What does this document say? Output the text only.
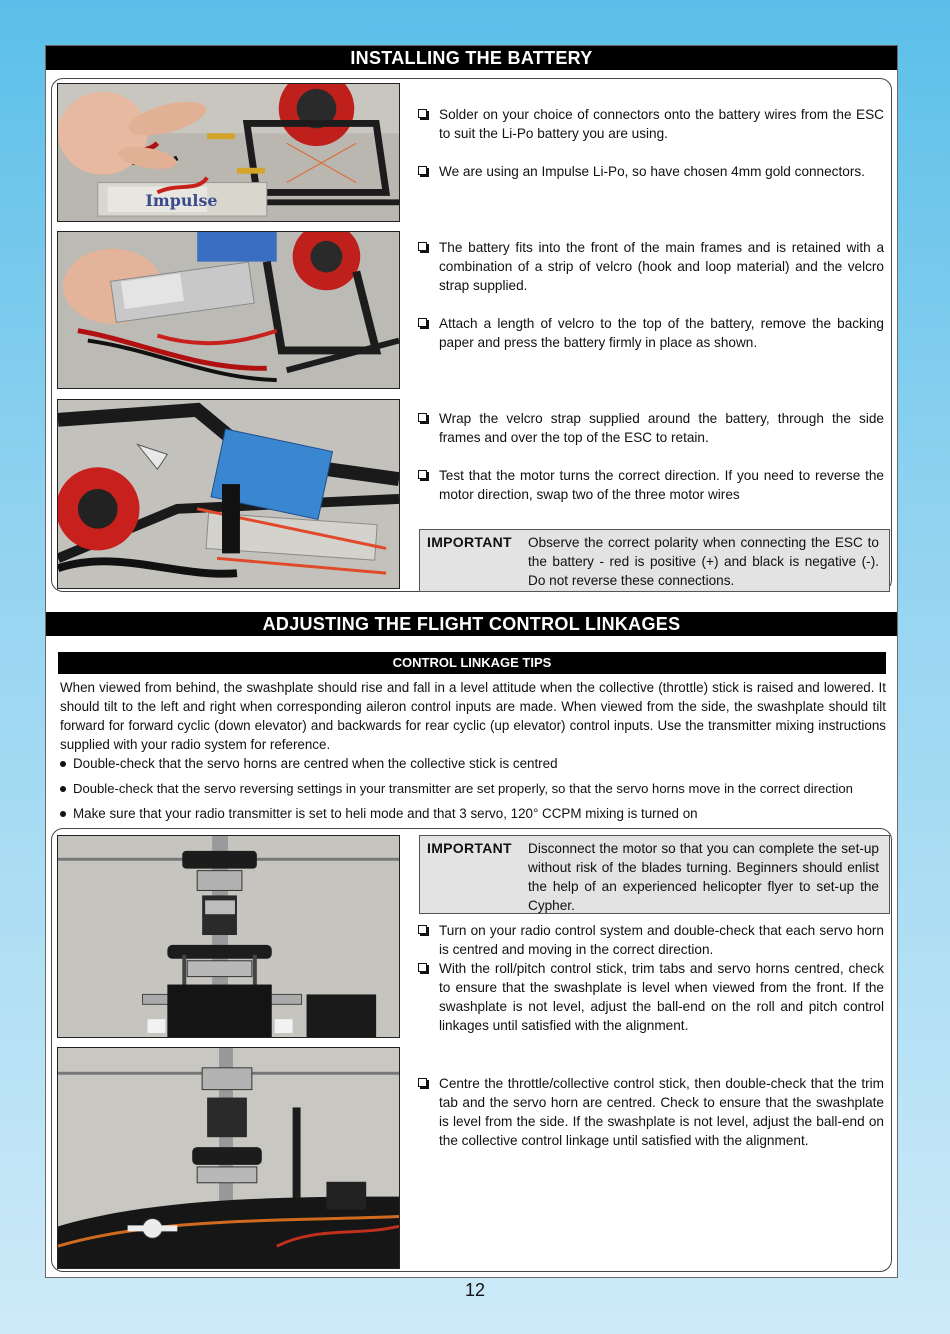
INSTALLING THE BATTERY
Impulse
Solder on your choice of connectors onto the battery wires from the ESC to suit the Li-Po battery you are using.
We are using an Impulse Li-Po, so have chosen 4mm gold connectors.
The battery fits into the front of the main frames and is retained with a combination of a strip of velcro (hook and loop material) and the velcro strap supplied.
Attach a length of velcro to the top of the battery, remove the backing paper and press the battery firmly in place as shown.
Wrap the velcro strap supplied around the battery, through the side frames and over the top of the ESC to retain.
Test that the motor turns the correct direction. If you need to reverse the motor direction, swap two of the three motor wires
IMPORTANT Observe the correct polarity when connecting the ESC to the battery - red is positive (+) and black is negative (-). Do not reverse these connections.
ADJUSTING THE FLIGHT CONTROL LINKAGES
CONTROL LINKAGE TIPS
When viewed from behind, the swashplate should rise and fall in a level attitude when the collective (throttle) stick is raised and lowered. It should tilt to the left and right when corresponding aileron control inputs are made. When viewed from the side, the swashplate should tilt forward for forward cyclic (down elevator) and backwards for rear cyclic (up elevator) control inputs. Use the transmitter mixing instructions supplied with your radio system for reference.
Double-check that the servo horns are centred when the collective stick is centred
Double-check that the servo reversing settings in your transmitter are set properly, so that the servo horns move in the correct direction
Make sure that your radio transmitter is set to heli mode and that 3 servo, 120° CCPM mixing is turned on
IMPORTANT Disconnect the motor so that you can complete the set-up without risk of the blades turning. Beginners should enlist the help of an experienced helicopter flyer to set-up the Cypher.
Turn on your radio control system and double-check that each servo horn is centred and moving in the correct direction.
With the roll/pitch control stick, trim tabs and servo horns centred, check to ensure that the swashplate is level when viewed from the front. If the swashplate is not level, adjust the ball-end on the roll and pitch control linkages until satisfied with the alignment.
Centre the throttle/collective control stick, then double-check that the trim tab and the servo horn are centred. Check to ensure that the swashplate is level from the side. If the swashplate is not level, adjust the ball-end on the collective control linkage until satisfied with the alignment.
12
